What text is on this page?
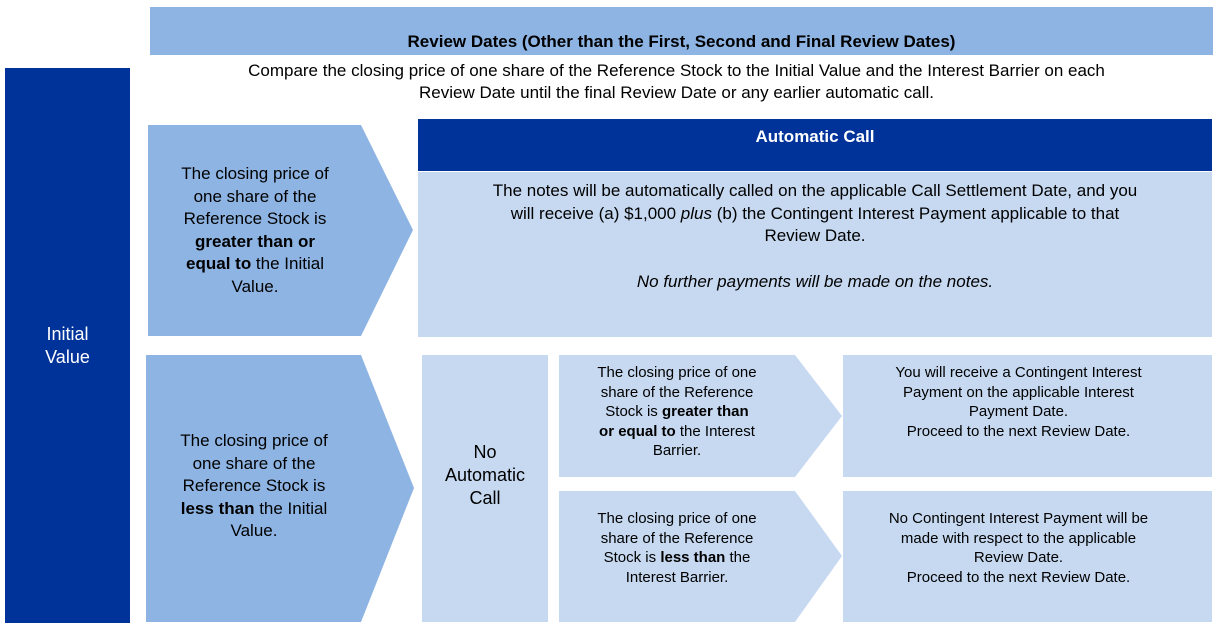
Review Dates (Other than the First, Second and Final Review Dates)
Compare the closing price of one share of the Reference Stock to the Initial Value and the Interest Barrier on each
Review Date until the final Review Date or any earlier automatic call.
Initial
Value
The closing price of
one share of the
Reference Stock is
greater than or
equal to the Initial
Value.
The closing price of
one share of the
Reference Stock is
less than the Initial
Value.
Automatic Call

The notes will be automatically called on the applicable Call Settlement Date, and you

will receive (a) $1,000 plus (b) the Contingent Interest Payment applicable to that

Review Date.

No further payments will be made on the notes.

No
Automatic
Call
The closing price of one
share of the Reference
Stock is greater than
or equal to the Interest
Barrier.
The closing price of one
share of the Reference
Stock is less than the
Interest Barrier.
You will receive a Contingent Interest
Payment on the applicable Interest
Payment Date.
Proceed to the next Review Date.
No Contingent Interest Payment will be
made with respect to the applicable
Review Date.
Proceed to the next Review Date.
